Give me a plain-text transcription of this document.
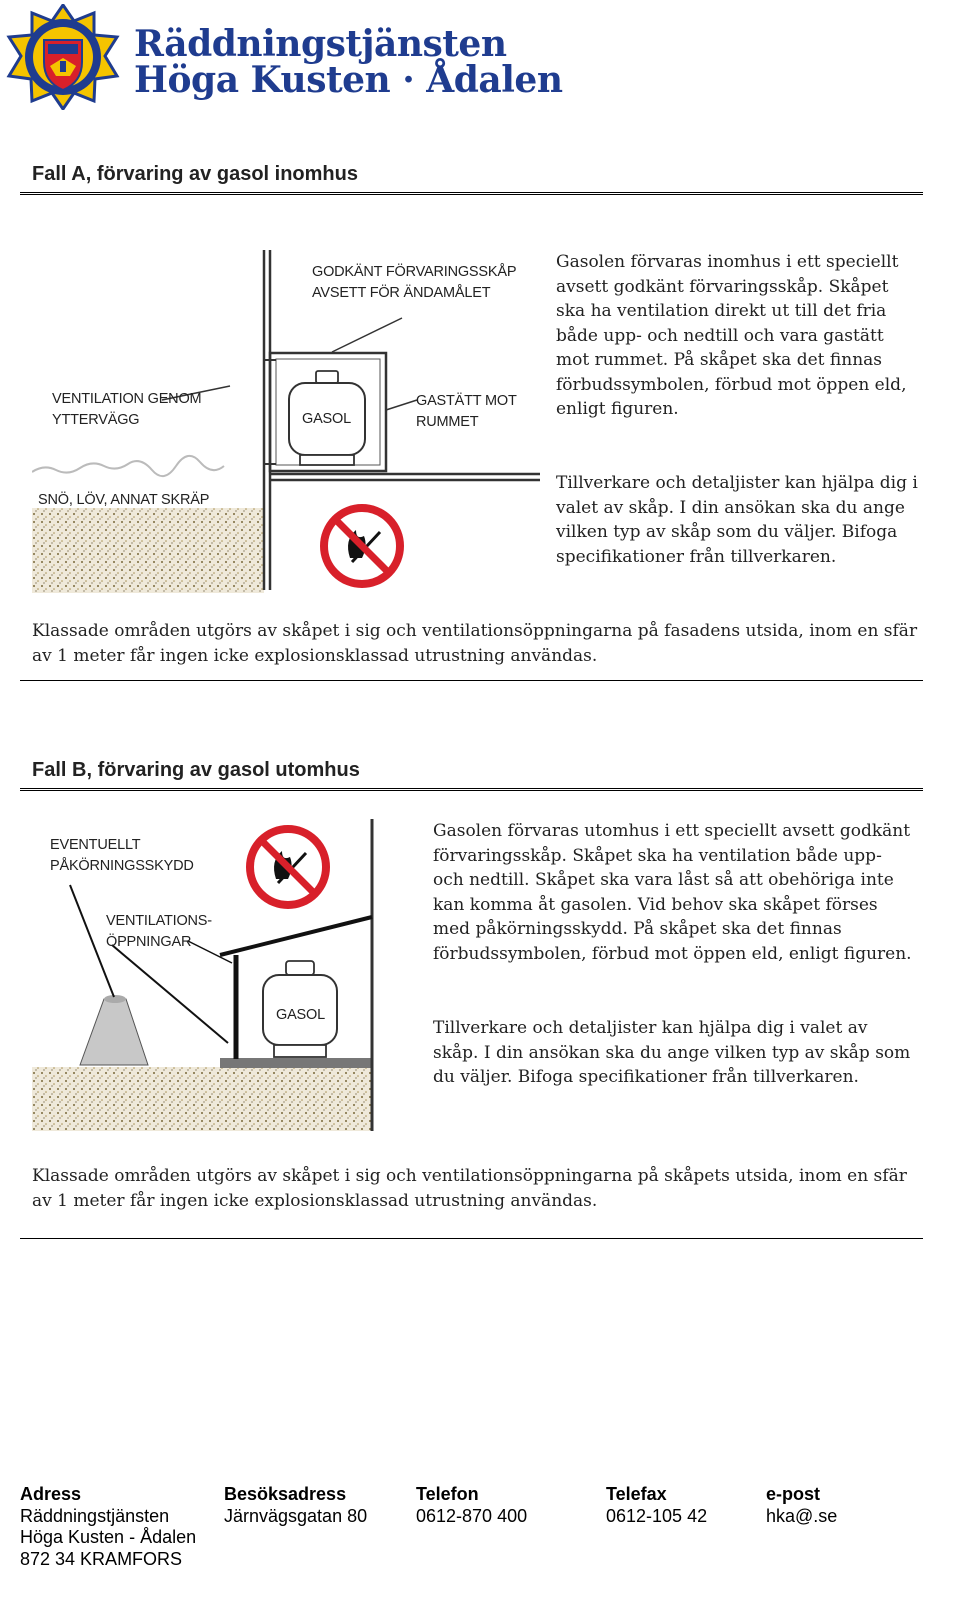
Räddningstjänsten
Höga Kusten · Ådalen
Fall A, förvaring av gasol inomhus
GODKÄNT FÖRVARINGSSKÅP
AVSETT FÖR ÄNDAMÅLET
VENTILATION GENOM
YTTERVÄGG
GASTÄTT MOT
RUMMET
SNÖ, LÖV, ANNAT SKRÄP
GASOL

Gasolen förvaras inomhus i ett speciellt avsett godkänt förvaringsskåp. Skåpet ska ha ventilation direkt ut till det fria både upp- och nedtill och vara gastätt mot rummet. På skåpet ska det finnas förbudssymbolen, förbud mot öppen eld, enligt figuren.

Tillverkare och detaljister kan hjälpa dig i valet av skåp. I din ansökan ska du ange vilken typ av skåp som du väljer. Bifoga specifikationer från tillverkaren.

Klassade områden utgörs av skåpet i sig och ventilationsöppningarna på fasadens utsida, inom en sfär av 1 meter får ingen icke explosionsklassad utrustning användas.

Fall B, förvaring av gasol utomhus
EVENTUELLT
PÅKÖRNINGSSKYDD
VENTILATIONS-
ÖPPNINGAR
GASOL

Gasolen förvaras utomhus i ett speciellt avsett godkänt förvaringsskåp. Skåpet ska ha ventilation både upp- och nedtill. Skåpet ska vara låst så att obehöriga inte kan komma åt gasolen. Vid behov ska skåpet förses med påkörningsskydd. På skåpet ska det finnas förbudssymbolen, förbud mot öppen eld, enligt figuren.

Tillverkare och detaljister kan hjälpa dig i valet av skåp. I din ansökan ska du ange vilken typ av skåp som du väljer. Bifoga specifikationer från tillverkaren.

Klassade områden utgörs av skåpet i sig och ventilationsöppningarna på skåpets utsida, inom en sfär av 1 meter får ingen icke explosionsklassad utrustning användas.

Adress
Räddningstjänsten
Höga Kusten - Ådalen
872 34 KRAMFORS
Besöksadress
Järnvägsgatan 80
Telefon
0612-870 400
Telefax
0612-105 42
e-post
hka@.se
